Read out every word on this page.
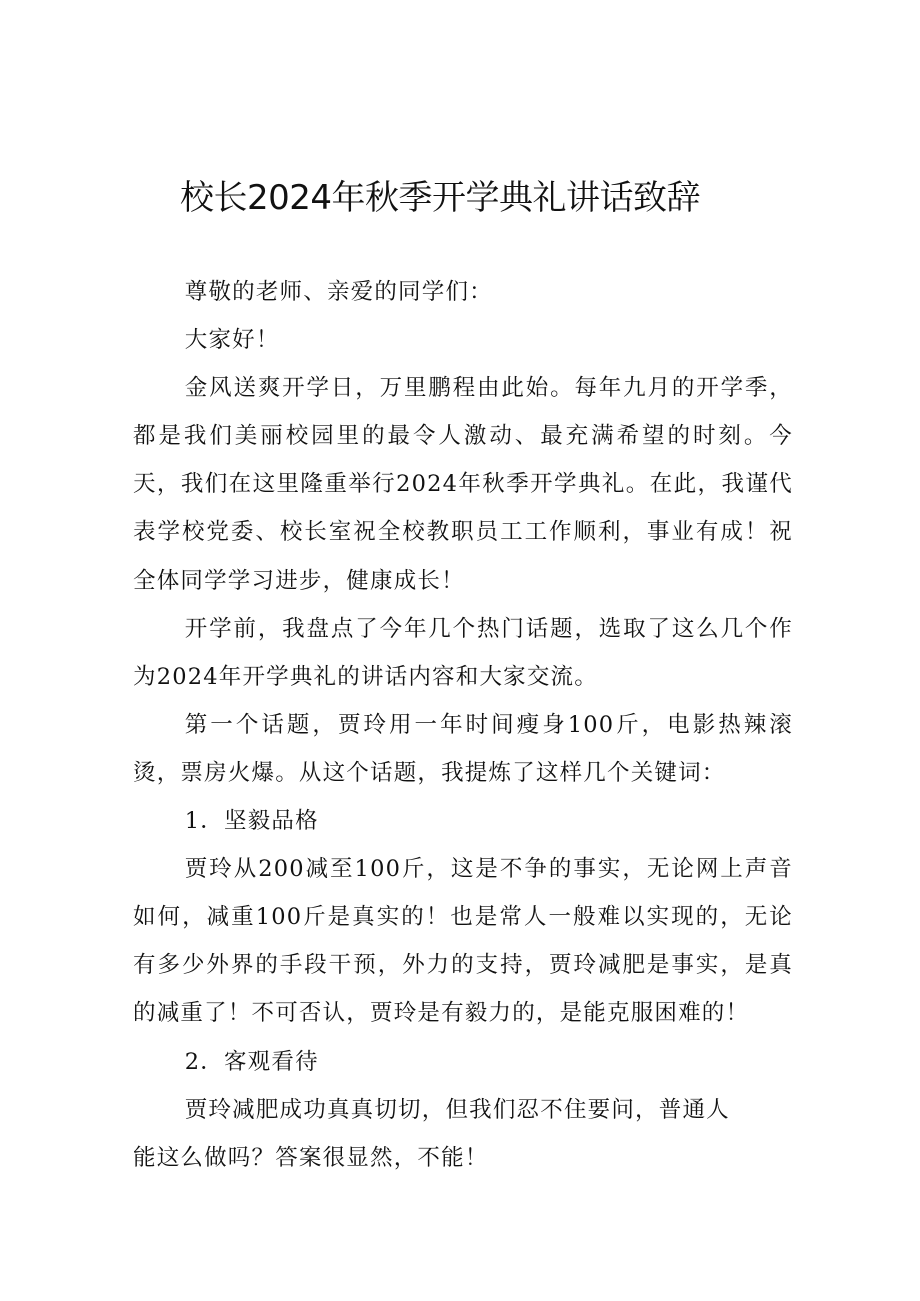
校长2024年秋季开学典礼讲话致辞

尊敬的老师、亲爱的同学们：

大家好！

金风送爽开学日，万里鹏程由此始。每年九月的开学季，都是我们美丽校园里的最令人激动、最充满希望的时刻。今天，我们在这里隆重举行2024年秋季开学典礼。在此，我谨代表学校党委、校长室祝全校教职员工工作顺利，事业有成！祝全体同学学习进步，健康成长！

开学前，我盘点了今年几个热门话题，选取了这么几个作为2024年开学典礼的讲话内容和大家交流。

第一个话题，贾玲用一年时间瘦身100斤，电影热辣滚烫，票房火爆。从这个话题，我提炼了这样几个关键词：

1．坚毅品格

贾玲从200减至100斤，这是不争的事实，无论网上声音如何，减重100斤是真实的！也是常人一般难以实现的，无论有多少外界的手段干预，外力的支持，贾玲减肥是事实，是真的减重了！不可否认，贾玲是有毅力的，是能克服困难的！

2．客观看待

贾玲减肥成功真真切切，但我们忍不住要问，普通人能这么做吗？答案很显然，不能！
